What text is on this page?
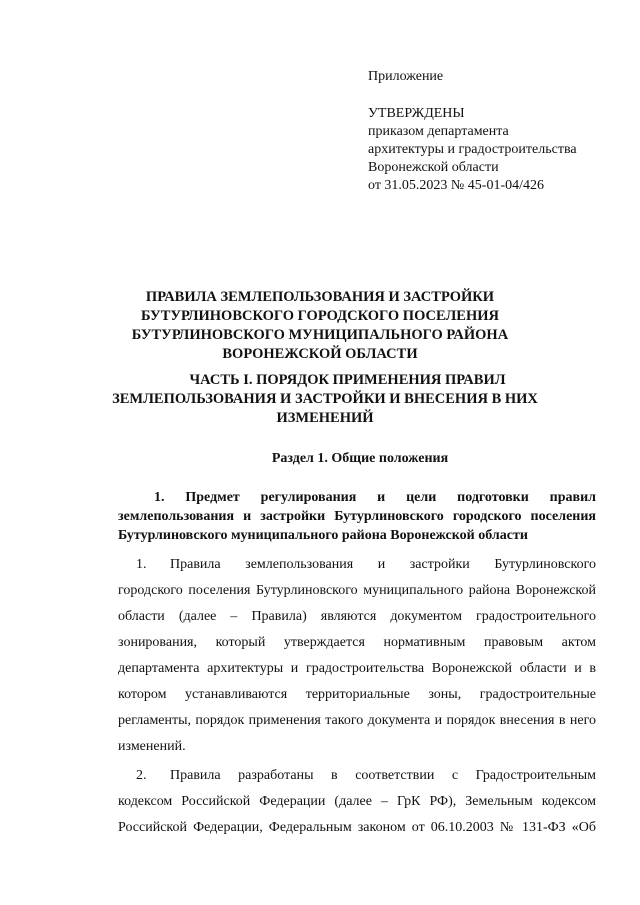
Приложение
УТВЕРЖДЕНЫ
приказом департамента
архитектуры и градостроительства
Воронежской области
от 31.05.2023 № 45-01-04/426
ПРАВИЛА ЗЕМЛЕПОЛЬЗОВАНИЯ И ЗАСТРОЙКИ
БУТУРЛИНОВСКОГО ГОРОДСКОГО ПОСЕЛЕНИЯ
БУТУРЛИНОВСКОГО МУНИЦИПАЛЬНОГО РАЙОНА
ВОРОНЕЖСКОЙ ОБЛАСТИ
ЧАСТЬ I. ПОРЯДОК ПРИМЕНЕНИЯ ПРАВИЛ
ЗЕМЛЕПОЛЬЗОВАНИЯ И ЗАСТРОЙКИ И ВНЕСЕНИЯ В НИХ
ИЗМЕНЕНИЙ
Раздел 1. Общие положения
1. Предмет регулирования и цели подготовки правил
землепользования и застройки Бутурлиновского городского поселения
Бутурлиновского муниципального района Воронежской области
1. Правила землепользования и застройки Бутурлиновского
городского поселения Бутурлиновского муниципального района Воронежской
области (далее – Правила) являются документом градостроительного
зонирования, который утверждается нормативным правовым актом
департамента архитектуры и градостроительства Воронежской области и в
котором устанавливаются территориальные зоны, градостроительные
регламенты, порядок применения такого документа и порядок внесения в него
изменений.
2. Правила разработаны в соответствии с Градостроительным
кодексом Российской Федерации (далее – ГрК РФ), Земельным кодексом
Российской Федерации, Федеральным законом от 06.10.2003 № 131-ФЗ «Об
